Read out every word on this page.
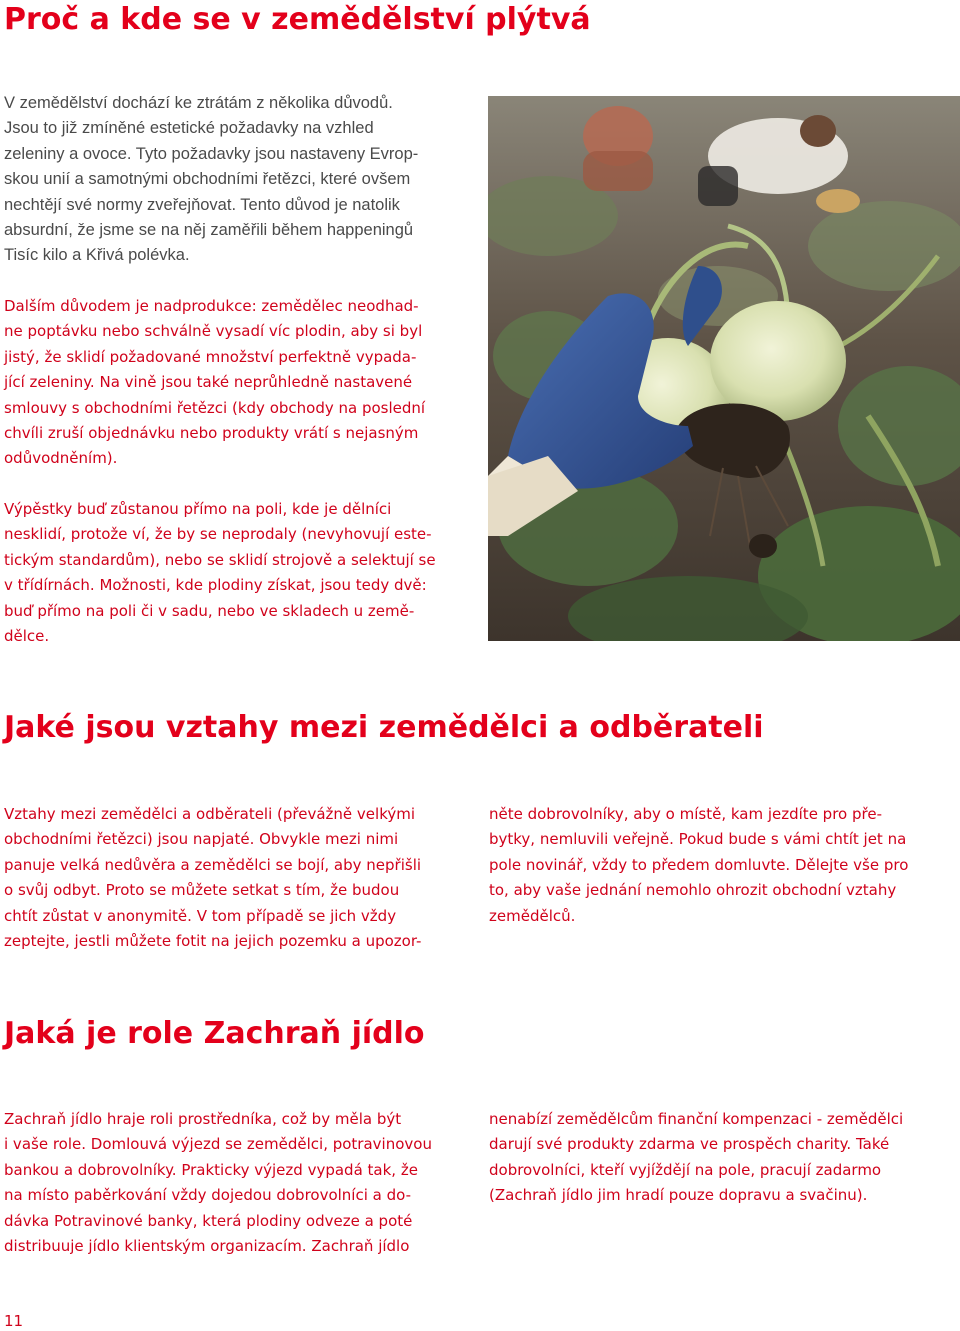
Proč a kde se v zemědělství plýtvá

V zemědělství dochází ke ztrátám z několika důvodů.
Jsou to již zmíněné estetické požadavky na vzhled
zeleniny a ovoce. Tyto požadavky jsou nastaveny Evrop-
skou unií a samotnými obchodními řetězci, které ovšem
nechtějí své normy zveřejňovat. Tento důvod je natolik
absurdní, že jsme se na něj zaměřili během happeningů
Tisíc kilo a Křivá polévka.

Dalším důvodem je nadprodukce: zemědělec neodhad-
ne poptávku nebo schválně vysadí víc plodin, aby si byl
jistý, že sklidí požadované množství perfektně vypada-
jící zeleniny. Na vině jsou také neprůhledně nastavené
smlouvy s obchodními řetězci (kdy obchody na poslední
chvíli zruší objednávku nebo produkty vrátí s nejasným
odůvodněním).

Výpěstky buď zůstanou přímo na poli, kde je dělníci
nesklidí, protože ví, že by se neprodaly (nevyhovují este-
tickým standardům), nebo se sklidí strojově a selektují se
v třídírnách. Možnosti, kde plodiny získat, jsou tedy dvě:
buď přímo na poli či v sadu, nebo ve skladech u země-
dělce.

Jaké jsou vztahy mezi zemědělci a odběrateli

Vztahy mezi zemědělci a odběrateli (převážně velkými
obchodními řetězci) jsou napjaté. Obvykle mezi nimi
panuje velká nedůvěra a zemědělci se bojí, aby nepřišli
o svůj odbyt. Proto se můžete setkat s tím, že budou
chtít zůstat v anonymitě. V tom případě se jich vždy
zeptejte, jestli můžete fotit na jejich pozemku a upozor-

něte dobrovolníky, aby o místě, kam jezdíte pro pře-
bytky, nemluvili veřejně. Pokud bude s vámi chtít jet na
pole novinář, vždy to předem domluvte. Dělejte vše pro
to, aby vaše jednání nemohlo ohrozit obchodní vztahy
zemědělců.

Jaká je role Zachraň jídlo

Zachraň jídlo hraje roli prostředníka, což by měla být
i vaše role. Domlouvá výjezd se zemědělci, potravinovou
bankou a dobrovolníky. Prakticky výjezd vypadá tak, že
na místo paběrkování vždy dojedou dobrovolníci a do-
dávka Potravinové banky, která plodiny odveze a poté
distribuuje jídlo klientským organizacím. Zachraň jídlo

nenabízí zemědělcům finanční kompenzaci - zemědělci
darují své produkty zdarma ve prospěch charity. Také
dobrovolníci, kteří vyjíždějí na pole, pracují zadarmo
(Zachraň jídlo jim hradí pouze dopravu a svačinu).

11
